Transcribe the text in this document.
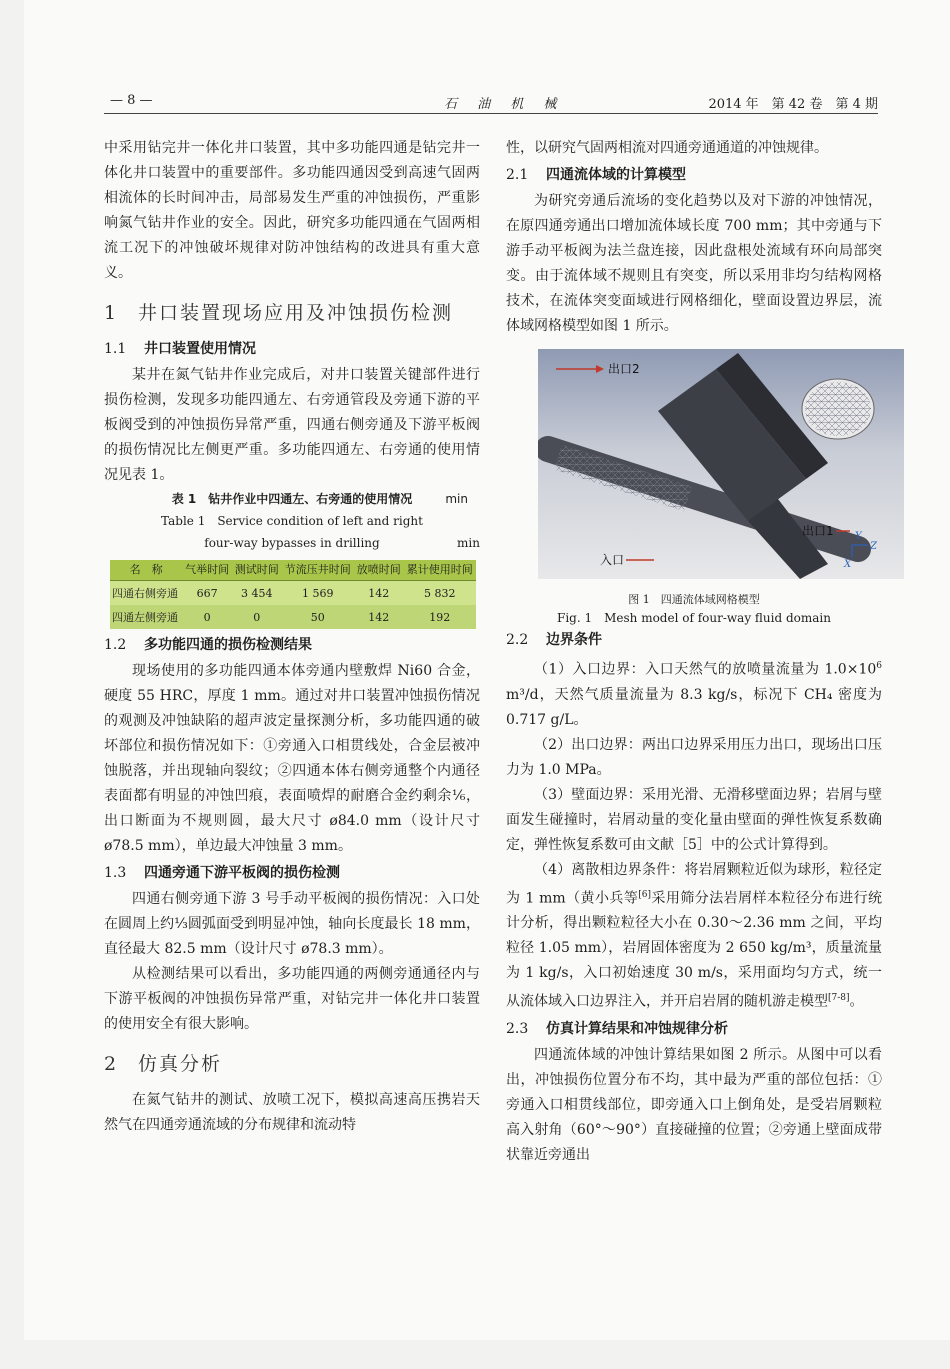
— 8 —	石 油 机 械	2014 年　第 42 卷　第 4 期

中采用钻完井一体化井口装置，其中多功能四通是钻完井一体化井口装置中的重要部件。多功能四通因受到高速气固两相流体的长时间冲击，局部易发生严重的冲蚀损伤，严重影响氮气钻井作业的安全。因此，研究多功能四通在气固两相流工况下的冲蚀破坏规律对防冲蚀结构的改进具有重大意义。

1 井口装置现场应用及冲蚀损伤检测
1.1 井口装置使用情况

某井在氮气钻井作业完成后，对井口装置关键部件进行损伤检测，发现多功能四通左、右旁通管段及旁通下游的平板阀受到的冲蚀损伤异常严重，四通右侧旁通及下游平板阀的损伤情况比左侧更严重。多功能四通左、右旁通的使用情况见表 1。

表 1　钻井作业中四通左、右旁通的使用情况	min
Table 1　Service condition of left and right
four-way bypasses in drilling	min
名　称	气举时间	测试时间	节流压井时间	放喷时间	累计使用时间
四通右侧旁通	667	3 454	1 569	142	5 832
四通左侧旁通	0	0	50	142	192
1.2 多功能四通的损伤检测结果

现场使用的多功能四通本体旁通内壁敷焊 Ni60 合金，硬度 55 HRC，厚度 1 mm。通过对井口装置冲蚀损伤情况的观测及冲蚀缺陷的超声波定量探测分析，多功能四通的破坏部位和损伤情况如下：①旁通入口相贯线处，合金层被冲蚀脱落，并出现轴向裂纹；②四通本体右侧旁通整个内通径表面都有明显的冲蚀凹痕，表面喷焊的耐磨合金约剩余⅙，出口断面为不规则圆，最大尺寸 ø84.0 mm（设计尺寸 ø78.5 mm），单边最大冲蚀量 3 mm。

1.3 四通旁通下游平板阀的损伤检测

四通右侧旁通下游 3 号手动平板阀的损伤情况：入口处在圆周上约⅓圆弧面受到明显冲蚀，轴向长度最长 18 mm，直径最大 82.5 mm（设计尺寸 ø78.3 mm）。

从检测结果可以看出，多功能四通的两侧旁通通径内与下游平板阀的冲蚀损伤异常严重，对钻完井一体化井口装置的使用安全有很大影响。

2 仿真分析

在氮气钻井的测试、放喷工况下，模拟高速高压携岩天然气在四通旁通流域的分布规律和流动特

性，以研究气固两相流对四通旁通通道的冲蚀规律。

2.1 四通流体域的计算模型

为研究旁通后流场的变化趋势以及对下游的冲蚀情况，在原四通旁通出口增加流体域长度 700 mm；其中旁通与下游手动平板阀为法兰盘连接，因此盘根处流域有环向局部突变。由于流体域不规则且有突变，所以采用非均匀结构网格技术，在流体突变面域进行网格细化，壁面设置边界层，流体域网格模型如图 1 所示。

出口2
出口1
入口
Y
Z
X
图 1　四通流体域网格模型
Fig. 1　Mesh model of four-way fluid domain
2.2 边界条件

（1）入口边界：入口天然气的放喷量流量为 $1.0\times 10^6$ m³/d，天然气质量流量为 8.3 kg/s，标况下 CH₄ 密度为 0.717 g/L。

（2）出口边界：两出口边界采用压力出口，现场出口压力为 1.0 MPa。

（3）壁面边界：采用光滑、无滑移壁面边界；岩屑与壁面发生碰撞时，岩屑动量的变化量由壁面的弹性恢复系数确定，弹性恢复系数可由文献［5］中的公式计算得到。

（4）离散相边界条件：将岩屑颗粒近似为球形，粒径定为 1 mm（黄小兵等[6]采用筛分法岩屑样本粒径分布进行统计分析，得出颗粒粒径大小在 0.30～2.36 mm 之间，平均粒径 1.05 mm），岩屑固体密度为 2 650 kg/m³，质量流量为 1 kg/s，入口初始速度 30 m/s，采用面均匀方式，统一从流体域入口边界注入，并开启岩屑的随机游走模型[7-8]。

2.3 仿真计算结果和冲蚀规律分析

四通流体域的冲蚀计算结果如图 2 所示。从图中可以看出，冲蚀损伤位置分布不均，其中最为严重的部位包括：①旁通入口相贯线部位，即旁通入口上倒角处，是受岩屑颗粒高入射角（60°～90°）直接碰撞的位置；②旁通上壁面成带状靠近旁通出
